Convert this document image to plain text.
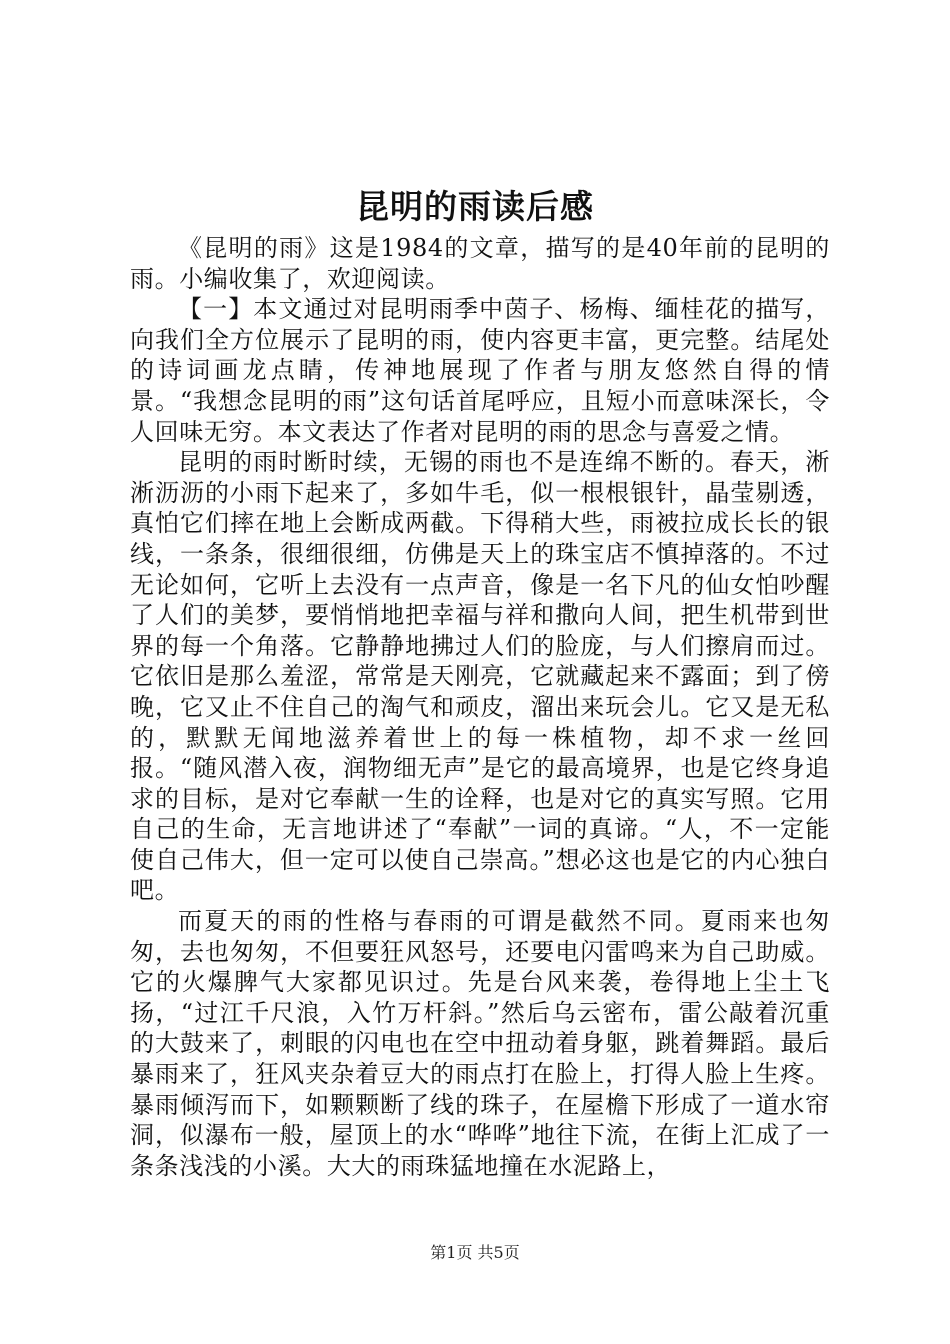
昆明的雨读后感

《昆明的雨》这是1984的文章，描写的是40年前的昆明的雨。小编收集了，欢迎阅读。

【一】本文通过对昆明雨季中茵子、杨梅、缅桂花的描写，向我们全方位展示了昆明的雨，使内容更丰富，更完整。结尾处的诗词画龙点睛，传神地展现了作者与朋友悠然自得的情景。“我想念昆明的雨”这句话首尾呼应，且短小而意味深长，令人回味无穷。本文表达了作者对昆明的雨的思念与喜爱之情。

昆明的雨时断时续，无锡的雨也不是连绵不断的。春天，淅淅沥沥的小雨下起来了，多如牛毛，似一根根银针，晶莹剔透，真怕它们摔在地上会断成两截。下得稍大些，雨被拉成长长的银线，一条条，很细很细，仿佛是天上的珠宝店不慎掉落的。不过无论如何，它听上去没有一点声音，像是一名下凡的仙女怕吵醒了人们的美梦，要悄悄地把幸福与祥和撒向人间，把生机带到世界的每一个角落。它静静地拂过人们的脸庞，与人们擦肩而过。它依旧是那么羞涩，常常是天刚亮，它就藏起来不露面；到了傍晚，它又止不住自己的淘气和顽皮，溜出来玩会儿。它又是无私的，默默无闻地滋养着世上的每一株植物，却不求一丝回报。“随风潜入夜，润物细无声”是它的最高境界，也是它终身追求的目标，是对它奉献一生的诠释，也是对它的真实写照。它用自己的生命，无言地讲述了“奉献”一词的真谛。“人，不一定能使自己伟大，但一定可以使自己崇高。”想必这也是它的内心独白吧。

而夏天的雨的性格与春雨的可谓是截然不同。夏雨来也匆匆，去也匆匆，不但要狂风怒号，还要电闪雷鸣来为自己助威。它的火爆脾气大家都见识过。先是台风来袭，卷得地上尘土飞扬，“过江千尺浪，入竹万杆斜。”然后乌云密布，雷公敲着沉重的大鼓来了，刺眼的闪电也在空中扭动着身躯，跳着舞蹈。最后暴雨来了，狂风夹杂着豆大的雨点打在脸上，打得人脸上生疼。暴雨倾泻而下，如颗颗断了线的珠子，在屋檐下形成了一道水帘洞，似瀑布一般，屋顶上的水“哗哗”地往下流，在街上汇成了一条条浅浅的小溪。大大的雨珠猛地撞在水泥路上，

第1页 共5页
